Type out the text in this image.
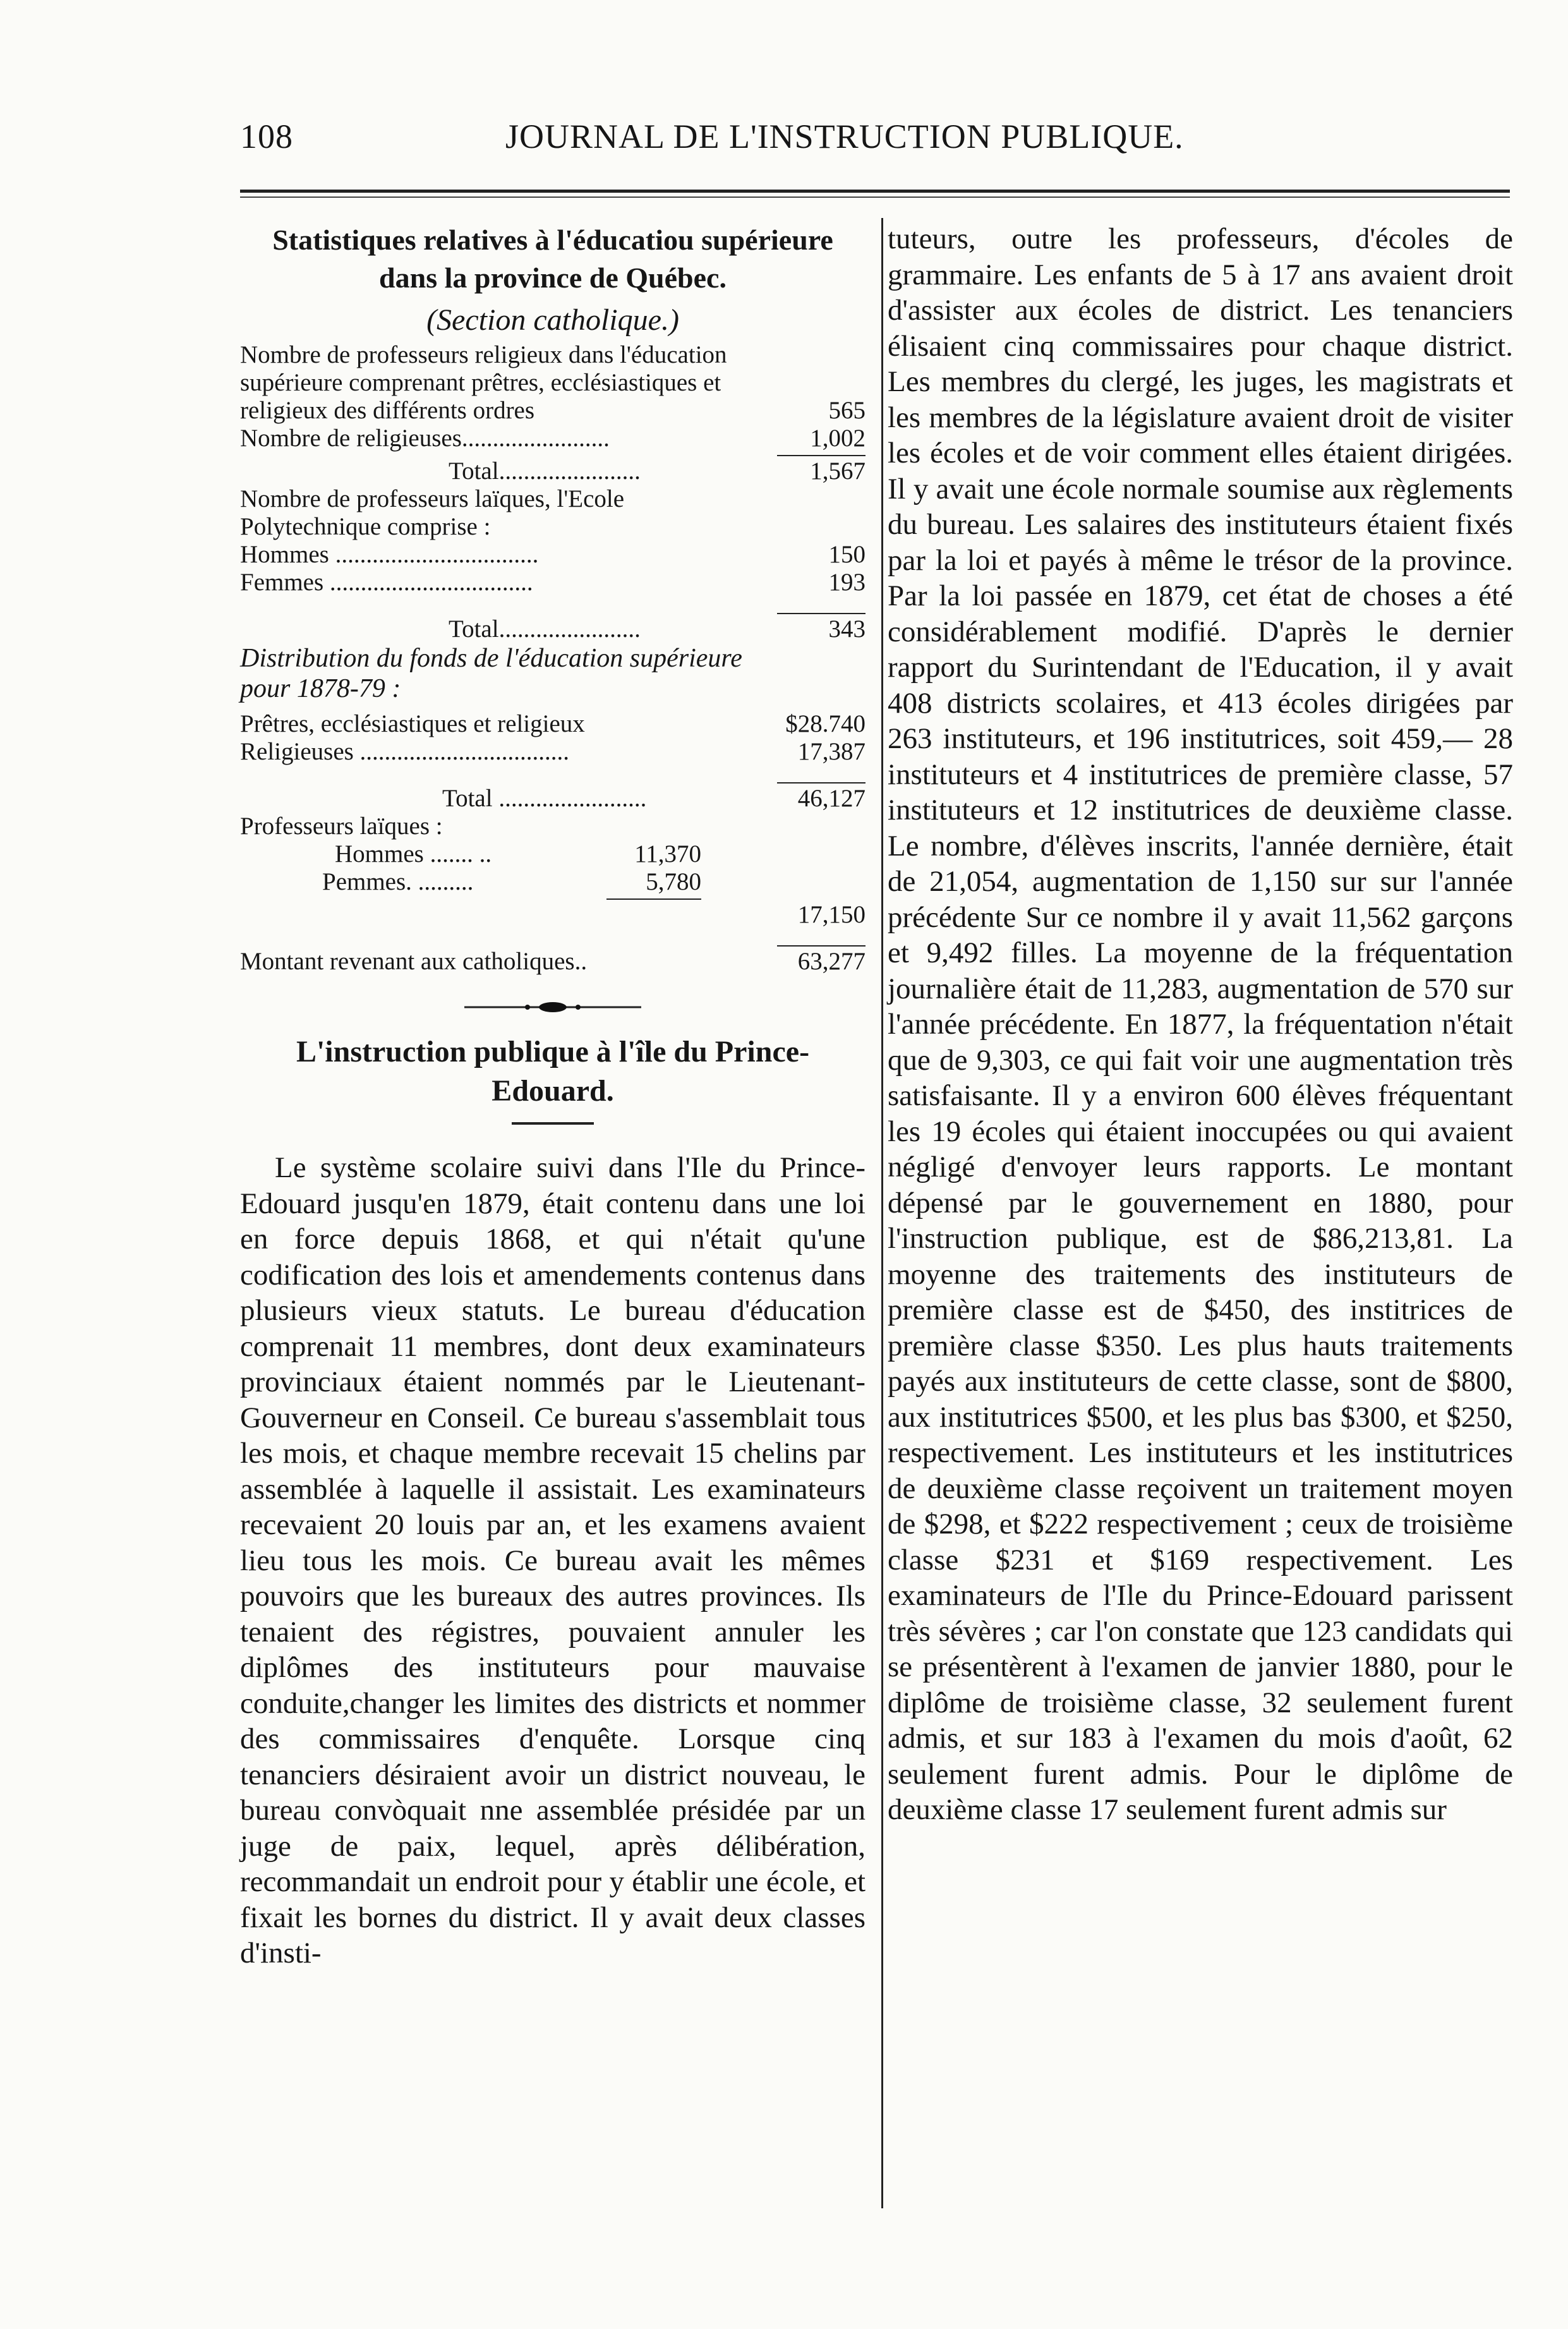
108	JOURNAL DE L'INSTRUCTION PUBLIQUE.
Statistiques relatives à l'éducatiou supérieure dans la province de Québec.
(Section catholique.)
Nombre de professeurs religieux dans l'éducation supérieure comprenant prêtres, ecclésiastiques et religieux des différents ordres	565
Nombre de religieuses........................	1,002
Total.......................	1,567
Nombre de professeurs laïques, l'Ecole Polytechnique comprise :
Hommes .................................	150
Femmes .................................	193
Total.......................	343
Distribution du fonds de l'éducation supérieure pour 1878-79 :
Prêtres, ecclésiastiques et religieux	$28.740
Religieuses ..................................	17,387
Total ........................	46,127
Professeurs laïques :
Hommes ....... ..	11,370
Pemmes. .........	5,780
17,150
Montant revenant aux catholiques..	63,277
L'instruction publique à l'île du Prince-Edouard.

Le système scolaire suivi dans l'Ile du Prince-Edouard jusqu'en 1879, était contenu dans une loi en force depuis 1868, et qui n'était qu'une codification des lois et amendements contenus dans plusieurs vieux statuts. Le bureau d'éducation comprenait 11 membres, dont deux examinateurs provinciaux étaient nommés par le Lieutenant-Gouverneur en Conseil. Ce bureau s'assemblait tous les mois, et chaque membre recevait 15 chelins par assemblée à laquelle il assistait. Les examinateurs recevaient 20 louis par an, et les examens avaient lieu tous les mois. Ce bureau avait les mêmes pouvoirs que les bureaux des autres provinces. Ils tenaient des régistres, pouvaient annuler les diplômes des instituteurs pour mauvaise conduite,changer les limites des districts et nommer des commissaires d'enquête. Lorsque cinq tenanciers désiraient avoir un district nouveau, le bureau convòquait nne assemblée présidée par un juge de paix, lequel, après délibération, recommandait un endroit pour y établir une école, et fixait les bornes du district. Il y avait deux classes d'insti-

tuteurs, outre les professeurs, d'écoles de grammaire. Les enfants de 5 à 17 ans avaient droit d'assister aux écoles de district. Les tenanciers élisaient cinq commissaires pour chaque district. Les membres du clergé, les juges, les magistrats et les membres de la législature avaient droit de visiter les écoles et de voir comment elles étaient dirigées. Il y avait une école normale soumise aux règlements du bureau. Les salaires des instituteurs étaient fixés par la loi et payés à même le trésor de la province. Par la loi passée en 1879, cet état de choses a été considérablement modifié. D'après le dernier rapport du Surintendant de l'Education, il y avait 408 districts scolaires, et 413 écoles dirigées par 263 instituteurs, et 196 institutrices, soit 459,— 28 instituteurs et 4 institutrices de première classe, 57 instituteurs et 12 institutrices de deuxième classe. Le nombre, d'élèves inscrits, l'année dernière, était de 21,054, augmentation de 1,150 sur sur l'année précédente Sur ce nombre il y avait 11,562 garçons et 9,492 filles. La moyenne de la fréquentation journalière était de 11,283, augmentation de 570 sur l'année précédente. En 1877, la fréquentation n'était que de 9,303, ce qui fait voir une augmentation très satisfaisante. Il y a environ 600 élèves fréquentant les 19 écoles qui étaient inoccupées ou qui avaient négligé d'envoyer leurs rapports. Le montant dépensé par le gouvernement en 1880, pour l'instruction publique, est de $86,213,81. La moyenne des traitements des instituteurs de première classe est de $450, des institrices de première classe $350. Les plus hauts traitements payés aux instituteurs de cette classe, sont de $800, aux institutrices $500, et les plus bas $300, et $250, respectivement. Les instituteurs et les institutrices de deuxième classe reçoivent un traitement moyen de $298, et $222 respectivement ; ceux de troisième classe $231 et $169 respectivement. Les examinateurs de l'Ile du Prince-Edouard parissent très sévères ; car l'on constate que 123 candidats qui se présentèrent à l'examen de janvier 1880, pour le diplôme de troisième classe, 32 seulement furent admis, et sur 183 à l'examen du mois d'août, 62 seulement furent admis. Pour le diplôme de deuxième classe 17 seulement furent admis sur
